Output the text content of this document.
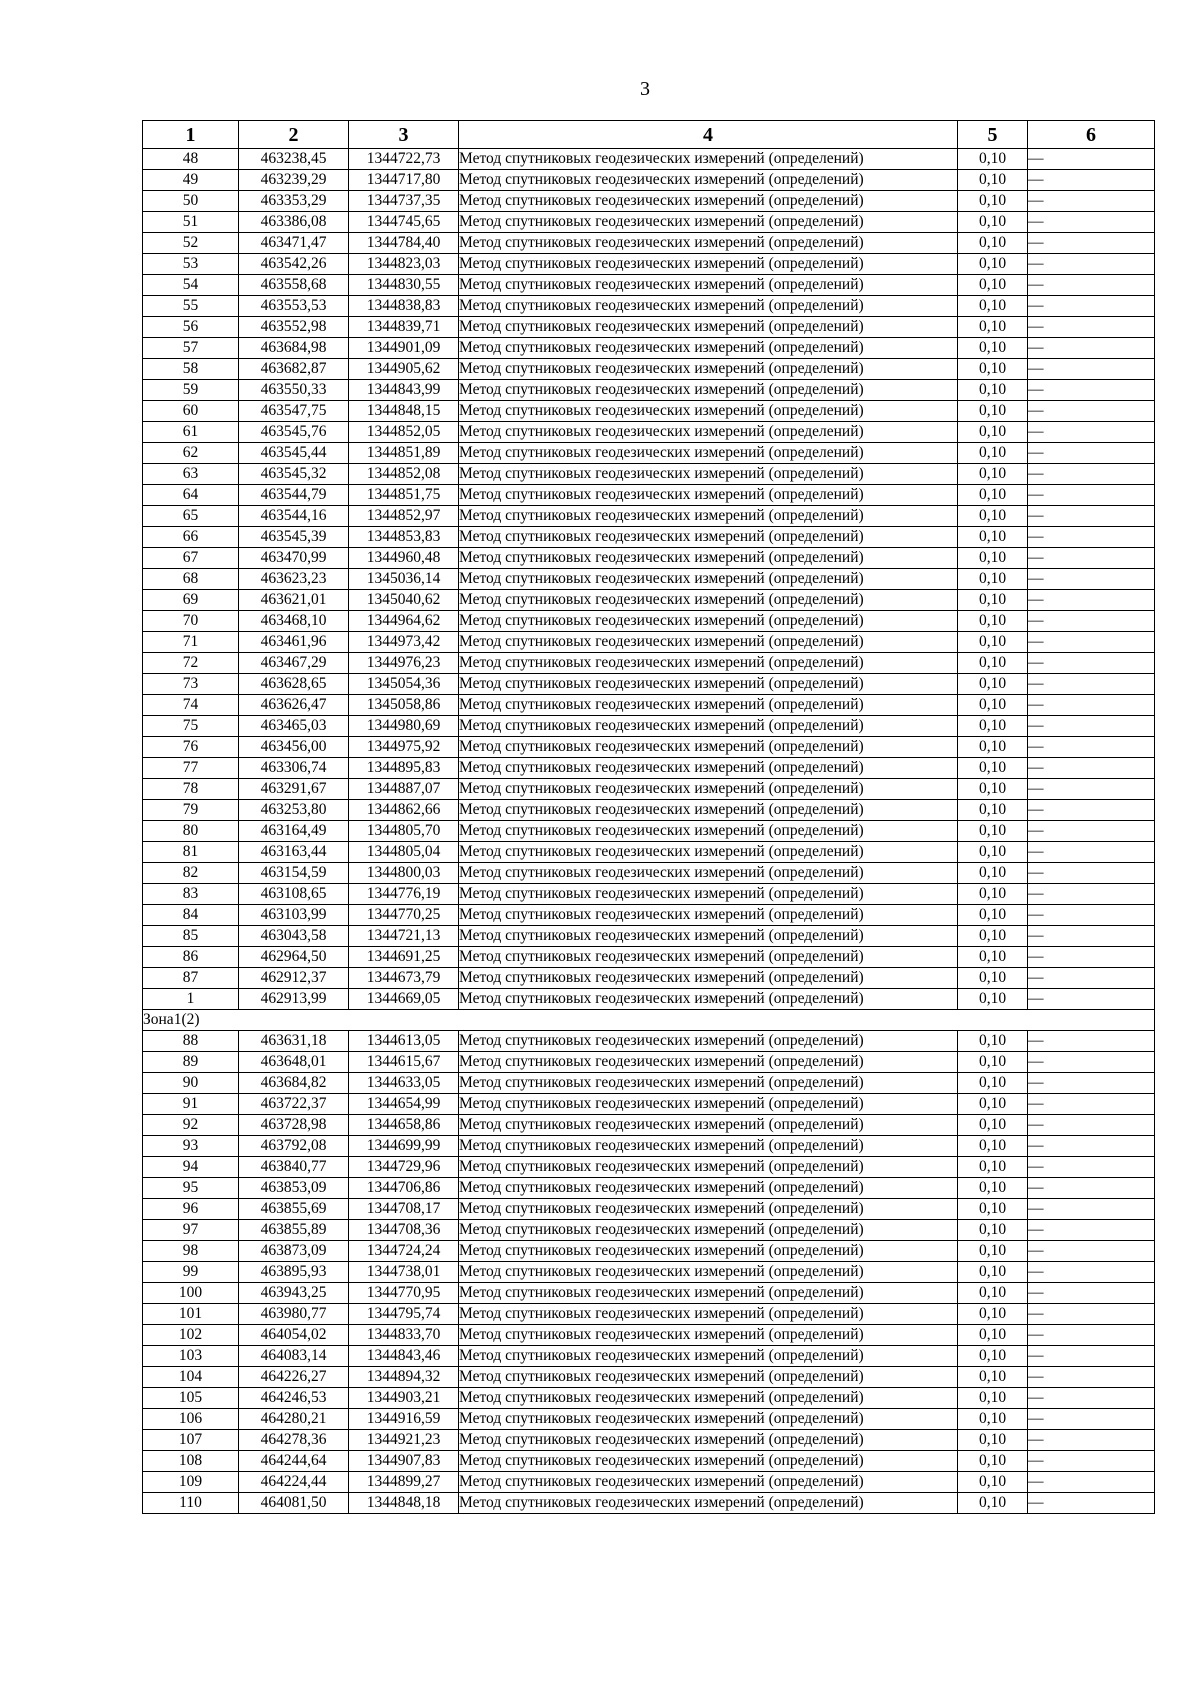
3
1	2	3	4	5	6
48	463238,45	1344722,73	Метод спутниковых геодезических измерений (определений)	0,10	—
49	463239,29	1344717,80	Метод спутниковых геодезических измерений (определений)	0,10	—
50	463353,29	1344737,35	Метод спутниковых геодезических измерений (определений)	0,10	—
51	463386,08	1344745,65	Метод спутниковых геодезических измерений (определений)	0,10	—
52	463471,47	1344784,40	Метод спутниковых геодезических измерений (определений)	0,10	—
53	463542,26	1344823,03	Метод спутниковых геодезических измерений (определений)	0,10	—
54	463558,68	1344830,55	Метод спутниковых геодезических измерений (определений)	0,10	—
55	463553,53	1344838,83	Метод спутниковых геодезических измерений (определений)	0,10	—
56	463552,98	1344839,71	Метод спутниковых геодезических измерений (определений)	0,10	—
57	463684,98	1344901,09	Метод спутниковых геодезических измерений (определений)	0,10	—
58	463682,87	1344905,62	Метод спутниковых геодезических измерений (определений)	0,10	—
59	463550,33	1344843,99	Метод спутниковых геодезических измерений (определений)	0,10	—
60	463547,75	1344848,15	Метод спутниковых геодезических измерений (определений)	0,10	—
61	463545,76	1344852,05	Метод спутниковых геодезических измерений (определений)	0,10	—
62	463545,44	1344851,89	Метод спутниковых геодезических измерений (определений)	0,10	—
63	463545,32	1344852,08	Метод спутниковых геодезических измерений (определений)	0,10	—
64	463544,79	1344851,75	Метод спутниковых геодезических измерений (определений)	0,10	—
65	463544,16	1344852,97	Метод спутниковых геодезических измерений (определений)	0,10	—
66	463545,39	1344853,83	Метод спутниковых геодезических измерений (определений)	0,10	—
67	463470,99	1344960,48	Метод спутниковых геодезических измерений (определений)	0,10	—
68	463623,23	1345036,14	Метод спутниковых геодезических измерений (определений)	0,10	—
69	463621,01	1345040,62	Метод спутниковых геодезических измерений (определений)	0,10	—
70	463468,10	1344964,62	Метод спутниковых геодезических измерений (определений)	0,10	—
71	463461,96	1344973,42	Метод спутниковых геодезических измерений (определений)	0,10	—
72	463467,29	1344976,23	Метод спутниковых геодезических измерений (определений)	0,10	—
73	463628,65	1345054,36	Метод спутниковых геодезических измерений (определений)	0,10	—
74	463626,47	1345058,86	Метод спутниковых геодезических измерений (определений)	0,10	—
75	463465,03	1344980,69	Метод спутниковых геодезических измерений (определений)	0,10	—
76	463456,00	1344975,92	Метод спутниковых геодезических измерений (определений)	0,10	—
77	463306,74	1344895,83	Метод спутниковых геодезических измерений (определений)	0,10	—
78	463291,67	1344887,07	Метод спутниковых геодезических измерений (определений)	0,10	—
79	463253,80	1344862,66	Метод спутниковых геодезических измерений (определений)	0,10	—
80	463164,49	1344805,70	Метод спутниковых геодезических измерений (определений)	0,10	—
81	463163,44	1344805,04	Метод спутниковых геодезических измерений (определений)	0,10	—
82	463154,59	1344800,03	Метод спутниковых геодезических измерений (определений)	0,10	—
83	463108,65	1344776,19	Метод спутниковых геодезических измерений (определений)	0,10	—
84	463103,99	1344770,25	Метод спутниковых геодезических измерений (определений)	0,10	—
85	463043,58	1344721,13	Метод спутниковых геодезических измерений (определений)	0,10	—
86	462964,50	1344691,25	Метод спутниковых геодезических измерений (определений)	0,10	—
87	462912,37	1344673,79	Метод спутниковых геодезических измерений (определений)	0,10	—
1	462913,99	1344669,05	Метод спутниковых геодезических измерений (определений)	0,10	—
Зона1(2)					
88	463631,18	1344613,05	Метод спутниковых геодезических измерений (определений)	0,10	—
89	463648,01	1344615,67	Метод спутниковых геодезических измерений (определений)	0,10	—
90	463684,82	1344633,05	Метод спутниковых геодезических измерений (определений)	0,10	—
91	463722,37	1344654,99	Метод спутниковых геодезических измерений (определений)	0,10	—
92	463728,98	1344658,86	Метод спутниковых геодезических измерений (определений)	0,10	—
93	463792,08	1344699,99	Метод спутниковых геодезических измерений (определений)	0,10	—
94	463840,77	1344729,96	Метод спутниковых геодезических измерений (определений)	0,10	—
95	463853,09	1344706,86	Метод спутниковых геодезических измерений (определений)	0,10	—
96	463855,69	1344708,17	Метод спутниковых геодезических измерений (определений)	0,10	—
97	463855,89	1344708,36	Метод спутниковых геодезических измерений (определений)	0,10	—
98	463873,09	1344724,24	Метод спутниковых геодезических измерений (определений)	0,10	—
99	463895,93	1344738,01	Метод спутниковых геодезических измерений (определений)	0,10	—
100	463943,25	1344770,95	Метод спутниковых геодезических измерений (определений)	0,10	—
101	463980,77	1344795,74	Метод спутниковых геодезических измерений (определений)	0,10	—
102	464054,02	1344833,70	Метод спутниковых геодезических измерений (определений)	0,10	—
103	464083,14	1344843,46	Метод спутниковых геодезических измерений (определений)	0,10	—
104	464226,27	1344894,32	Метод спутниковых геодезических измерений (определений)	0,10	—
105	464246,53	1344903,21	Метод спутниковых геодезических измерений (определений)	0,10	—
106	464280,21	1344916,59	Метод спутниковых геодезических измерений (определений)	0,10	—
107	464278,36	1344921,23	Метод спутниковых геодезических измерений (определений)	0,10	—
108	464244,64	1344907,83	Метод спутниковых геодезических измерений (определений)	0,10	—
109	464224,44	1344899,27	Метод спутниковых геодезических измерений (определений)	0,10	—
110	464081,50	1344848,18	Метод спутниковых геодезических измерений (определений)	0,10	—
